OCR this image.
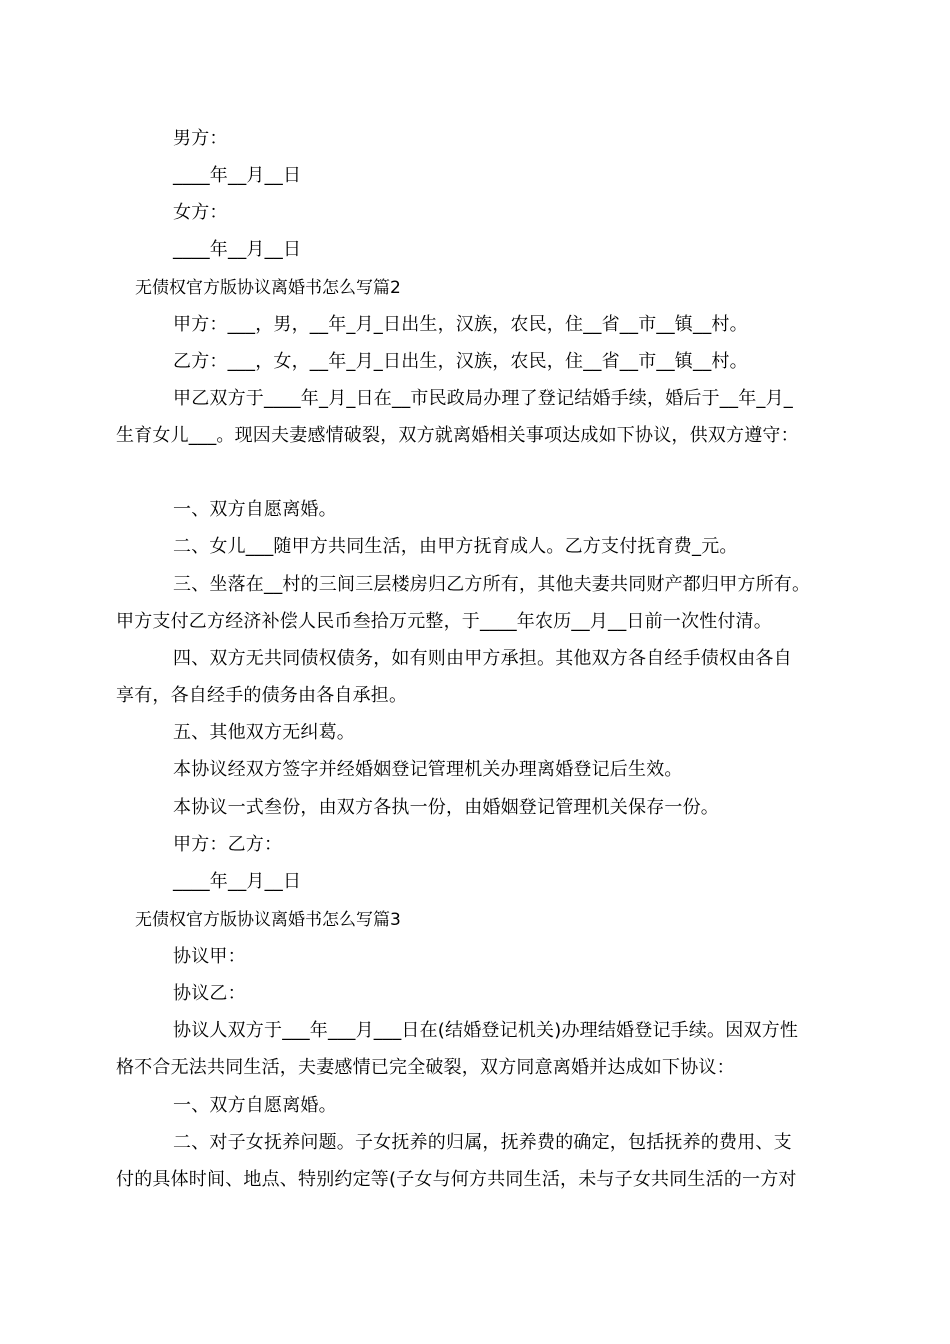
男方：
____年__月__日
女方：
____年__月__日
无债权官方版协议离婚书怎么写篇2
甲方：___，男，__年_月_日出生，汉族，农民，住__省__市__镇__村。
乙方：___，女，__年_月_日出生，汉族，农民，住__省__市__镇__村。
甲乙双方于____年_月_日在__市民政局办理了登记结婚手续，婚后于__年_月_
生育女儿___。现因夫妻感情破裂，双方就离婚相关事项达成如下协议，供双方遵守：
一、双方自愿离婚。
二、女儿___随甲方共同生活，由甲方抚育成人。乙方支付抚育费_元。
三、坐落在__村的三间三层楼房归乙方所有，其他夫妻共同财产都归甲方所有。
甲方支付乙方经济补偿人民币叁拾万元整，于____年农历__月__日前一次性付清。
四、双方无共同债权债务，如有则由甲方承担。其他双方各自经手债权由各自
享有，各自经手的债务由各自承担。
五、其他双方无纠葛。
本协议经双方签字并经婚姻登记管理机关办理离婚登记后生效。
本协议一式叁份，由双方各执一份，由婚姻登记管理机关保存一份。
甲方：乙方：
____年__月__日
无债权官方版协议离婚书怎么写篇3
协议甲：
协议乙：
协议人双方于___年___月___日在(结婚登记机关)办理结婚登记手续。因双方性
格不合无法共同生活，夫妻感情已完全破裂，双方同意离婚并达成如下协议：
一、双方自愿离婚。
二、对子女抚养问题。子女抚养的归属，抚养费的确定，包括抚养的费用、支
付的具体时间、地点、特别约定等(子女与何方共同生活，未与子女共同生活的一方对
